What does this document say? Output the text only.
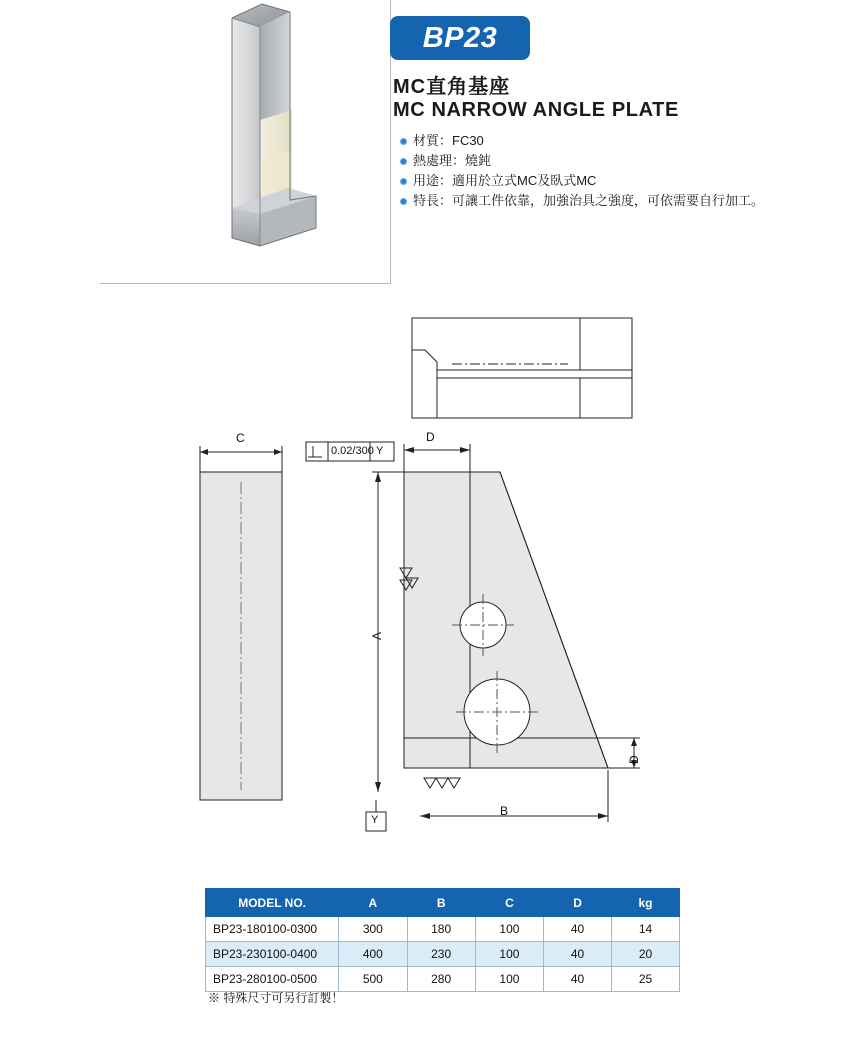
BP23
MC直角基座
MC NARROW ANGLE PLATE
材質：FC30
熱處理：燒鈍
用途：適用於立式MC及臥式MC
特長：可讓工件依靠，加強治具之強度，可依需要自行加工。
C	D
B
A
D
0.02/300 Y
Y
MODEL NO.	A	B	C	D	kg
BP23-180100-0300	300	180	100	40	14
BP23-230100-0400	400	230	100	40	20
BP23-280100-0500	500	280	100	40	25
※ 特殊尺寸可另行訂製！
